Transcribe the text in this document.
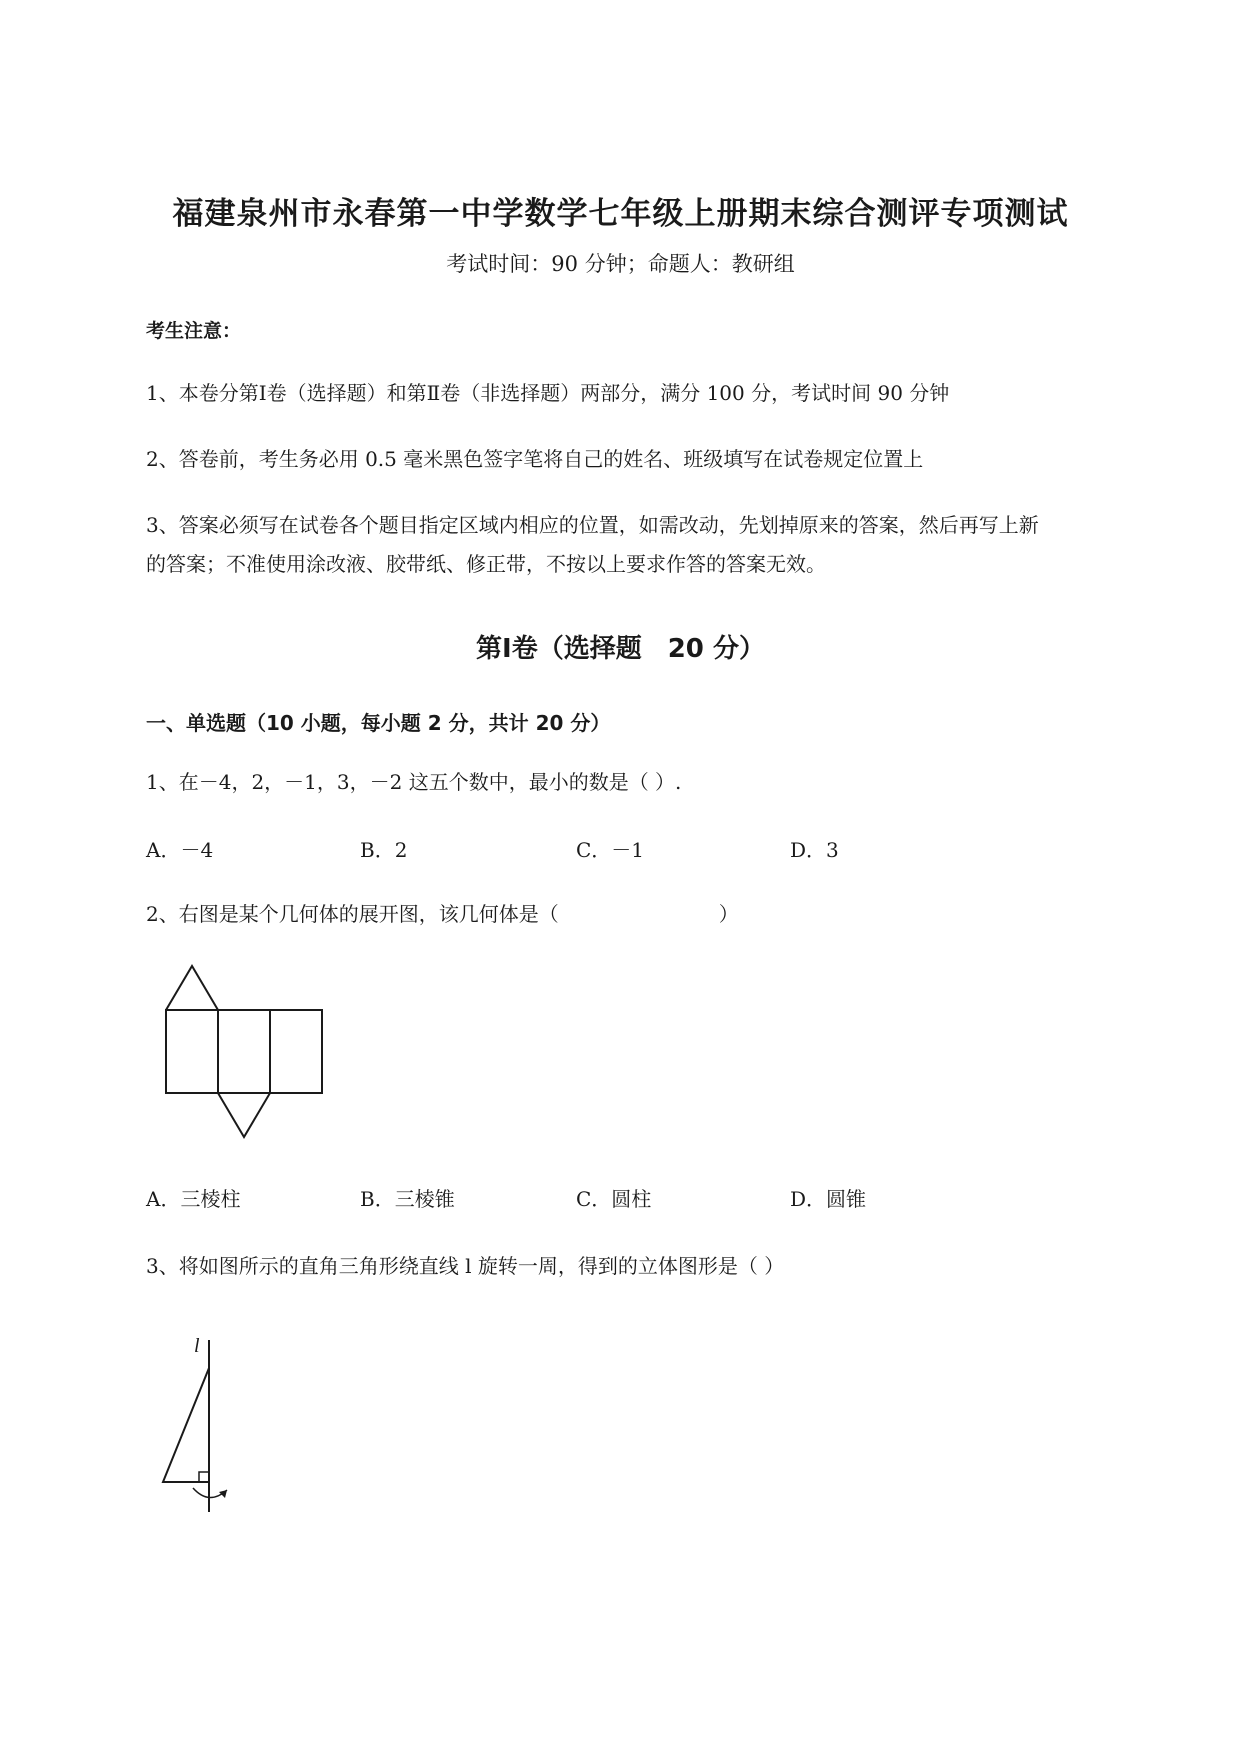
福建泉州市永春第一中学数学七年级上册期末综合测评专项测试
考试时间：90 分钟；命题人：教研组
考生注意：
1、本卷分第Ⅰ卷（选择题）和第Ⅱ卷（非选择题）两部分，满分 100 分，考试时间 90 分钟
2、答卷前，考生务必用 0.5 毫米黑色签字笔将自己的姓名、班级填写在试卷规定位置上
3、答案必须写在试卷各个题目指定区域内相应的位置，如需改动，先划掉原来的答案，然后再写上新
的答案；不准使用涂改液、胶带纸、修正带，不按以上要求作答的答案无效。
第Ⅰ卷（选择题　20 分）
一、单选题（10 小题，每小题 2 分，共计 20 分）
1、在－4，2，－1，3，－2 这五个数中，最小的数是（ ）.
A．－4	B．2	C．－1	D．3
2、右图是某个几何体的展开图，该几何体是（　　　　　　　　）
A．三棱柱	B．三棱锥	C．圆柱	D．圆锥
3、将如图所示的直角三角形绕直线 l 旋转一周，得到的立体图形是（ ）
l
